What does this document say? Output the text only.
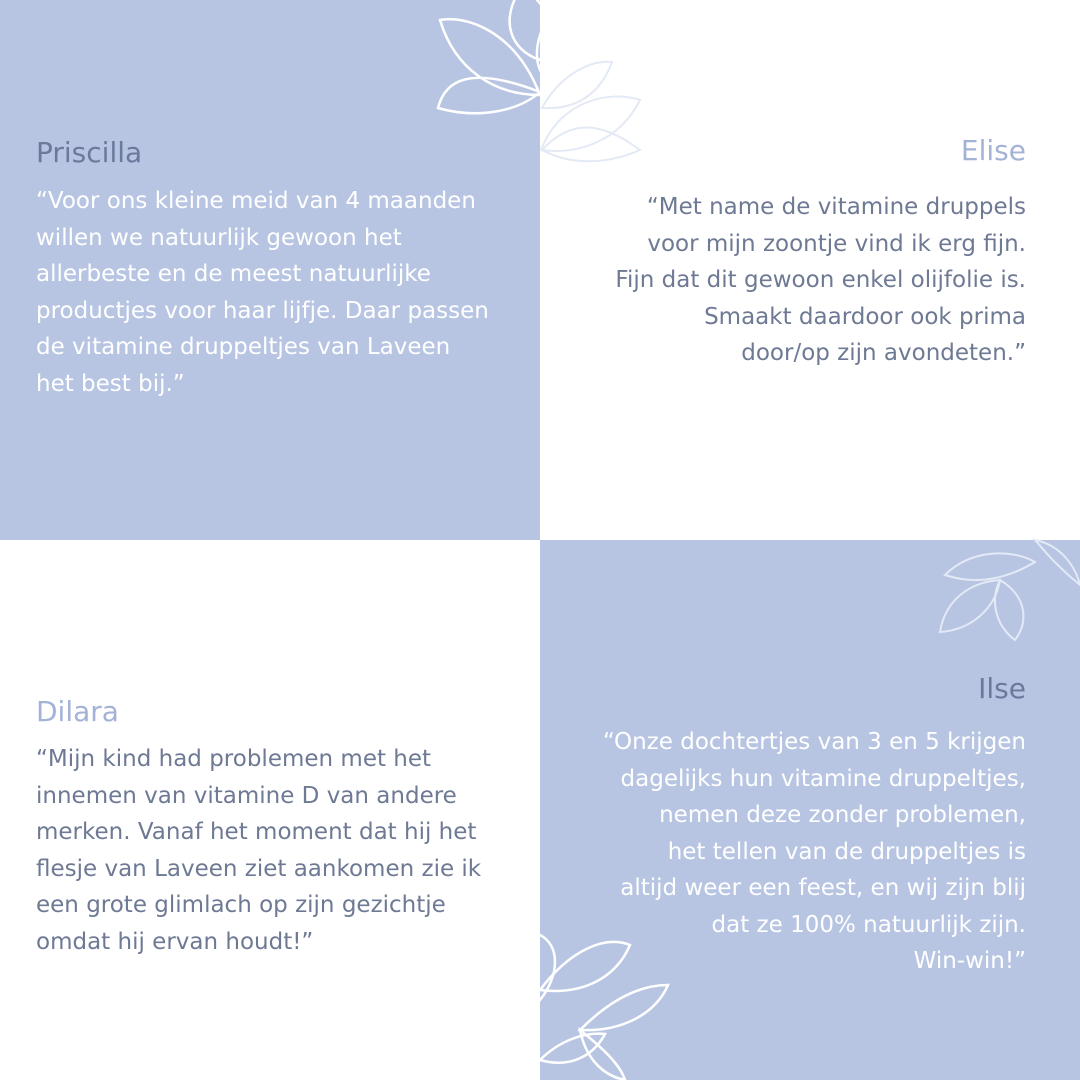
Priscilla

“Voor ons kleine meid van 4 maanden
willen we natuurlijk gewoon het
allerbeste en de meest natuurlijke
productjes voor haar lijfje. Daar passen
de vitamine druppeltjes van Laveen
het best bij.”

Elise

“Met name de vitamine druppels
voor mijn zoontje vind ik erg fijn.
Fijn dat dit gewoon enkel olijfolie is.
Smaakt daardoor ook prima
door/op zijn avondeten.”

Dilara

“Mijn kind had problemen met het
innemen van vitamine D van andere
merken. Vanaf het moment dat hij het
flesje van Laveen ziet aankomen zie ik
een grote glimlach op zijn gezichtje
omdat hij ervan houdt!”

Ilse

“Onze dochtertjes van 3 en 5 krijgen
dagelijks hun vitamine druppeltjes,
nemen deze zonder problemen,
het tellen van de druppeltjes is
altijd weer een feest, en wij zijn blij
dat ze 100% natuurlijk zijn.
Win-win!”
